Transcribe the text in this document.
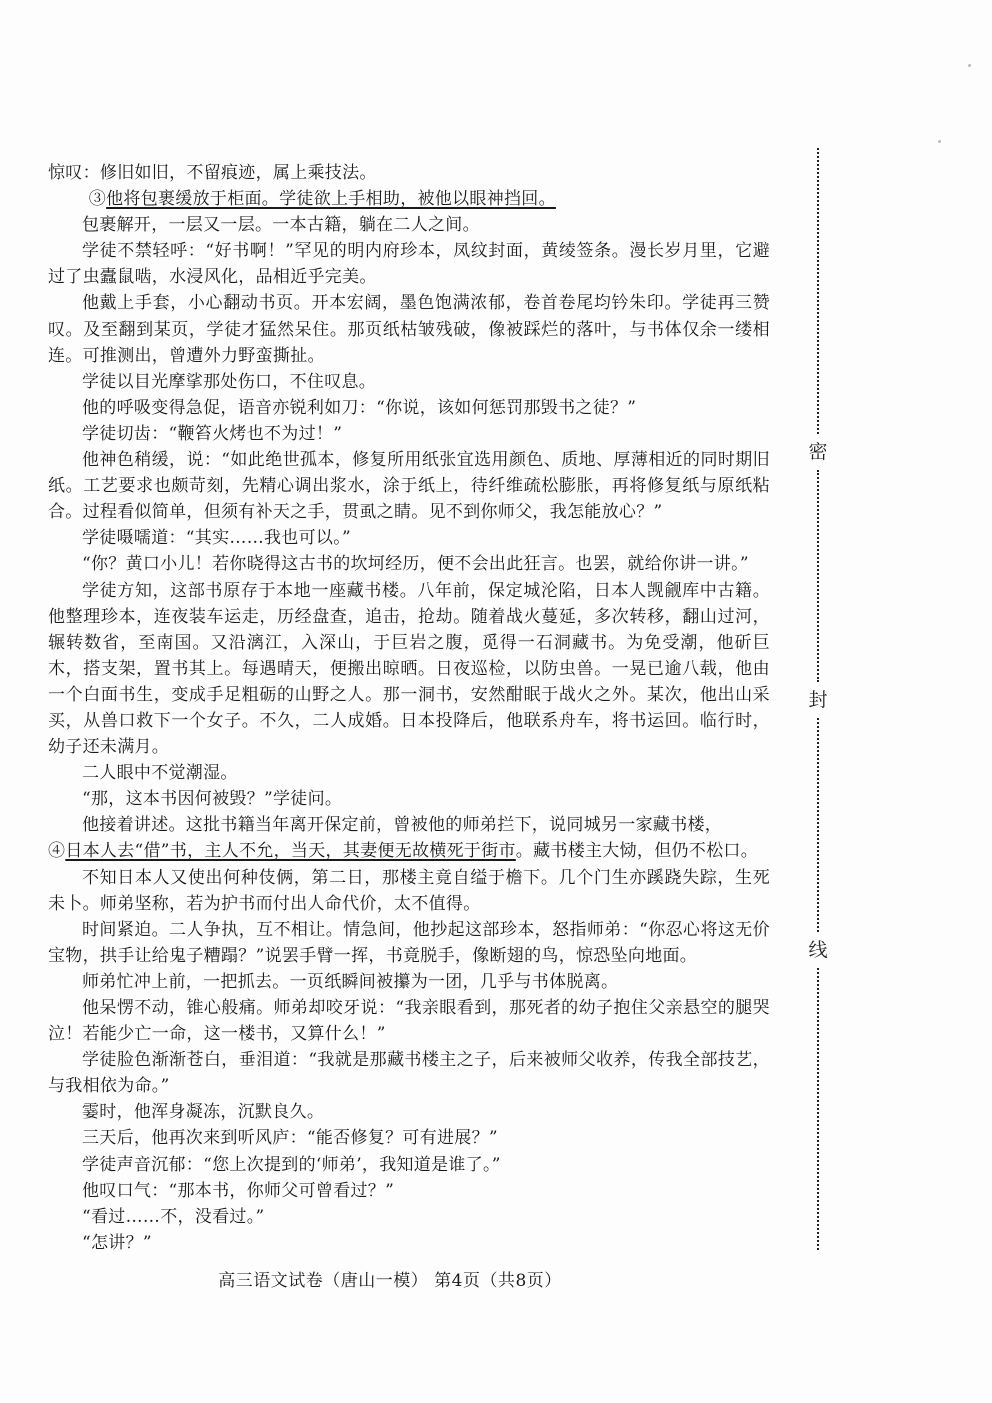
惊叹：修旧如旧，不留痕迹，属上乘技法。

③他将包裹缓放于柜面。学徒欲上手相助，被他以眼神挡回。

包裹解开，一层又一层。一本古籍，躺在二人之间。

学徒不禁轻呼：“好书啊！”罕见的明内府珍本，凤纹封面，黄绫签条。漫长岁月里，它避过了虫蠹鼠啮，水浸风化，品相近乎完美。

他戴上手套，小心翻动书页。开本宏阔，墨色饱满浓郁，卷首卷尾均钤朱印。学徒再三赞叹。及至翻到某页，学徒才猛然呆住。那页纸枯皱残破，像被踩烂的落叶，与书体仅余一缕相连。可推测出，曾遭外力野蛮撕扯。

学徒以目光摩挲那处伤口，不住叹息。

他的呼吸变得急促，语音亦锐利如刀：“你说，该如何惩罚那毁书之徒？”

学徒切齿：“鞭笞火烤也不为过！”

他神色稍缓，说：“如此绝世孤本，修复所用纸张宜选用颜色、质地、厚薄相近的同时期旧纸。工艺要求也颇苛刻，先精心调出浆水，涂于纸上，待纤维疏松膨胀，再将修复纸与原纸粘合。过程看似简单，但须有补天之手，贯虱之睛。见不到你师父，我怎能放心？”

学徒嗫嚅道：“其实……我也可以。”

“你？黄口小儿！若你晓得这古书的坎坷经历，便不会出此狂言。也罢，就给你讲一讲。”

学徒方知，这部书原存于本地一座藏书楼。八年前，保定城沦陷，日本人觊觎库中古籍。他整理珍本，连夜装车运走，历经盘查，追击，抢劫。随着战火蔓延，多次转移，翻山过河，辗转数省，至南国。又沿漓江，入深山，于巨岩之腹，觅得一石洞藏书。为免受潮，他斫巨木，搭支架，置书其上。每遇晴天，便搬出晾晒。日夜巡检，以防虫兽。一晃已逾八载，他由一个白面书生，变成手足粗砺的山野之人。那一洞书，安然酣眠于战火之外。某次，他出山采买，从兽口救下一个女子。不久，二人成婚。日本投降后，他联系舟车，将书运回。临行时，幼子还未满月。

二人眼中不觉潮湿。

“那，这本书因何被毁？”学徒问。

他接着讲述。这批书籍当年离开保定前，曾被他的师弟拦下，说同城另一家藏书楼，

④日本人去“借”书，主人不允，当天，其妻便无故横死于街市。藏书楼主大恸，但仍不松口。

不知日本人又使出何种伎俩，第二日，那楼主竟自缢于檐下。几个门生亦蹊跷失踪，生死未卜。师弟坚称，若为护书而付出人命代价，太不值得。

时间紧迫。二人争执，互不相让。情急间，他抄起这部珍本，怒指师弟：“你忍心将这无价宝物，拱手让给鬼子糟蹋？”说罢手臂一挥，书竟脱手，像断翅的鸟，惊恐坠向地面。

师弟忙冲上前，一把抓去。一页纸瞬间被攥为一团，几乎与书体脱离。

他呆愣不动，锥心般痛。师弟却咬牙说：“我亲眼看到，那死者的幼子抱住父亲悬空的腿哭泣！若能少亡一命，这一楼书，又算什么！”

学徒脸色渐渐苍白，垂泪道：“我就是那藏书楼主之子，后来被师父收养，传我全部技艺，与我相依为命。”

霎时，他浑身凝冻，沉默良久。

三天后，他再次来到听风庐：“能否修复？可有进展？”

学徒声音沉郁：“您上次提到的‘师弟’，我知道是谁了。”

他叹口气：“那本书，你师父可曾看过？”

“看过……不，没看过。”

“怎讲？”

密
封
线
高三语文试卷（唐山一模） 第4页（共8页）
